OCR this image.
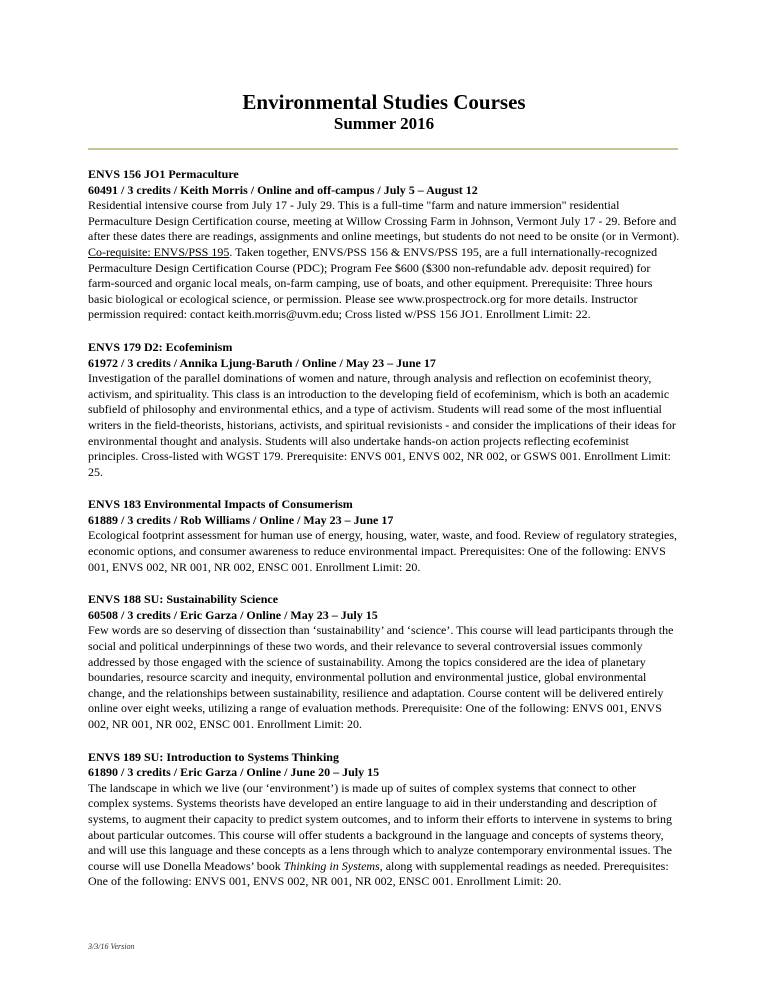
Environmental Studies Courses
Summer 2016
ENVS 156 JO1 Permaculture
60491 / 3 credits / Keith Morris / Online and off-campus / July 5 – August 12
Residential intensive course from July 17 - July 29. This is a full-time "farm and nature immersion" residential Permaculture Design Certification course, meeting at Willow Crossing Farm in Johnson, Vermont July 17 - 29. Before and after these dates there are readings, assignments and online meetings, but students do not need to be onsite (or in Vermont). Co-requisite: ENVS/PSS 195. Taken together, ENVS/PSS 156 & ENVS/PSS 195, are a full internationally-recognized Permaculture Design Certification Course (PDC); Program Fee $600 ($300 non-refundable adv. deposit required) for farm-sourced and organic local meals, on-farm camping, use of boats, and other equipment. Prerequisite: Three hours basic biological or ecological science, or permission. Please see www.prospectrock.org for more details. Instructor permission required: contact keith.morris@uvm.edu; Cross listed w/PSS 156 JO1. Enrollment Limit: 22.
ENVS 179 D2: Ecofeminism
61972 / 3 credits / Annika Ljung-Baruth / Online / May 23 – June 17
Investigation of the parallel dominations of women and nature, through analysis and reflection on ecofeminist theory, activism, and spirituality. This class is an introduction to the developing field of ecofeminism, which is both an academic subfield of philosophy and environmental ethics, and a type of activism. Students will read some of the most influential writers in the field-theorists, historians, activists, and spiritual revisionists - and consider the implications of their ideas for environmental thought and analysis. Students will also undertake hands-on action projects reflecting ecofeminist principles. Cross-listed with WGST 179. Prerequisite: ENVS 001, ENVS 002, NR 002, or GSWS 001. Enrollment Limit: 25.
ENVS 183 Environmental Impacts of Consumerism
61889 / 3 credits / Rob Williams / Online / May 23 – June 17
Ecological footprint assessment for human use of energy, housing, water, waste, and food. Review of regulatory strategies, economic options, and consumer awareness to reduce environmental impact. Prerequisites: One of the following: ENVS 001, ENVS 002, NR 001, NR 002, ENSC 001. Enrollment Limit: 20.
ENVS 188 SU: Sustainability Science
60508 / 3 credits / Eric Garza / Online / May 23 – July 15
Few words are so deserving of dissection than ‘sustainability’ and ‘science’. This course will lead participants through the social and political underpinnings of these two words, and their relevance to several controversial issues commonly addressed by those engaged with the science of sustainability. Among the topics considered are the idea of planetary boundaries, resource scarcity and inequity, environmental pollution and environmental justice, global environmental change, and the relationships between sustainability, resilience and adaptation. Course content will be delivered entirely online over eight weeks, utilizing a range of evaluation methods. Prerequisite: One of the following: ENVS 001, ENVS 002, NR 001, NR 002, ENSC 001. Enrollment Limit: 20.
ENVS 189 SU: Introduction to Systems Thinking
61890 / 3 credits / Eric Garza / Online / June 20 – July 15
The landscape in which we live (our ‘environment’) is made up of suites of complex systems that connect to other complex systems. Systems theorists have developed an entire language to aid in their understanding and description of systems, to augment their capacity to predict system outcomes, and to inform their efforts to intervene in systems to bring about particular outcomes. This course will offer students a background in the language and concepts of systems theory, and will use this language and these concepts as a lens through which to analyze contemporary environmental issues. The course will use Donella Meadows’ book Thinking in Systems, along with supplemental readings as needed. Prerequisites: One of the following: ENVS 001, ENVS 002, NR 001, NR 002, ENSC 001. Enrollment Limit: 20.
3/3/16 Version
